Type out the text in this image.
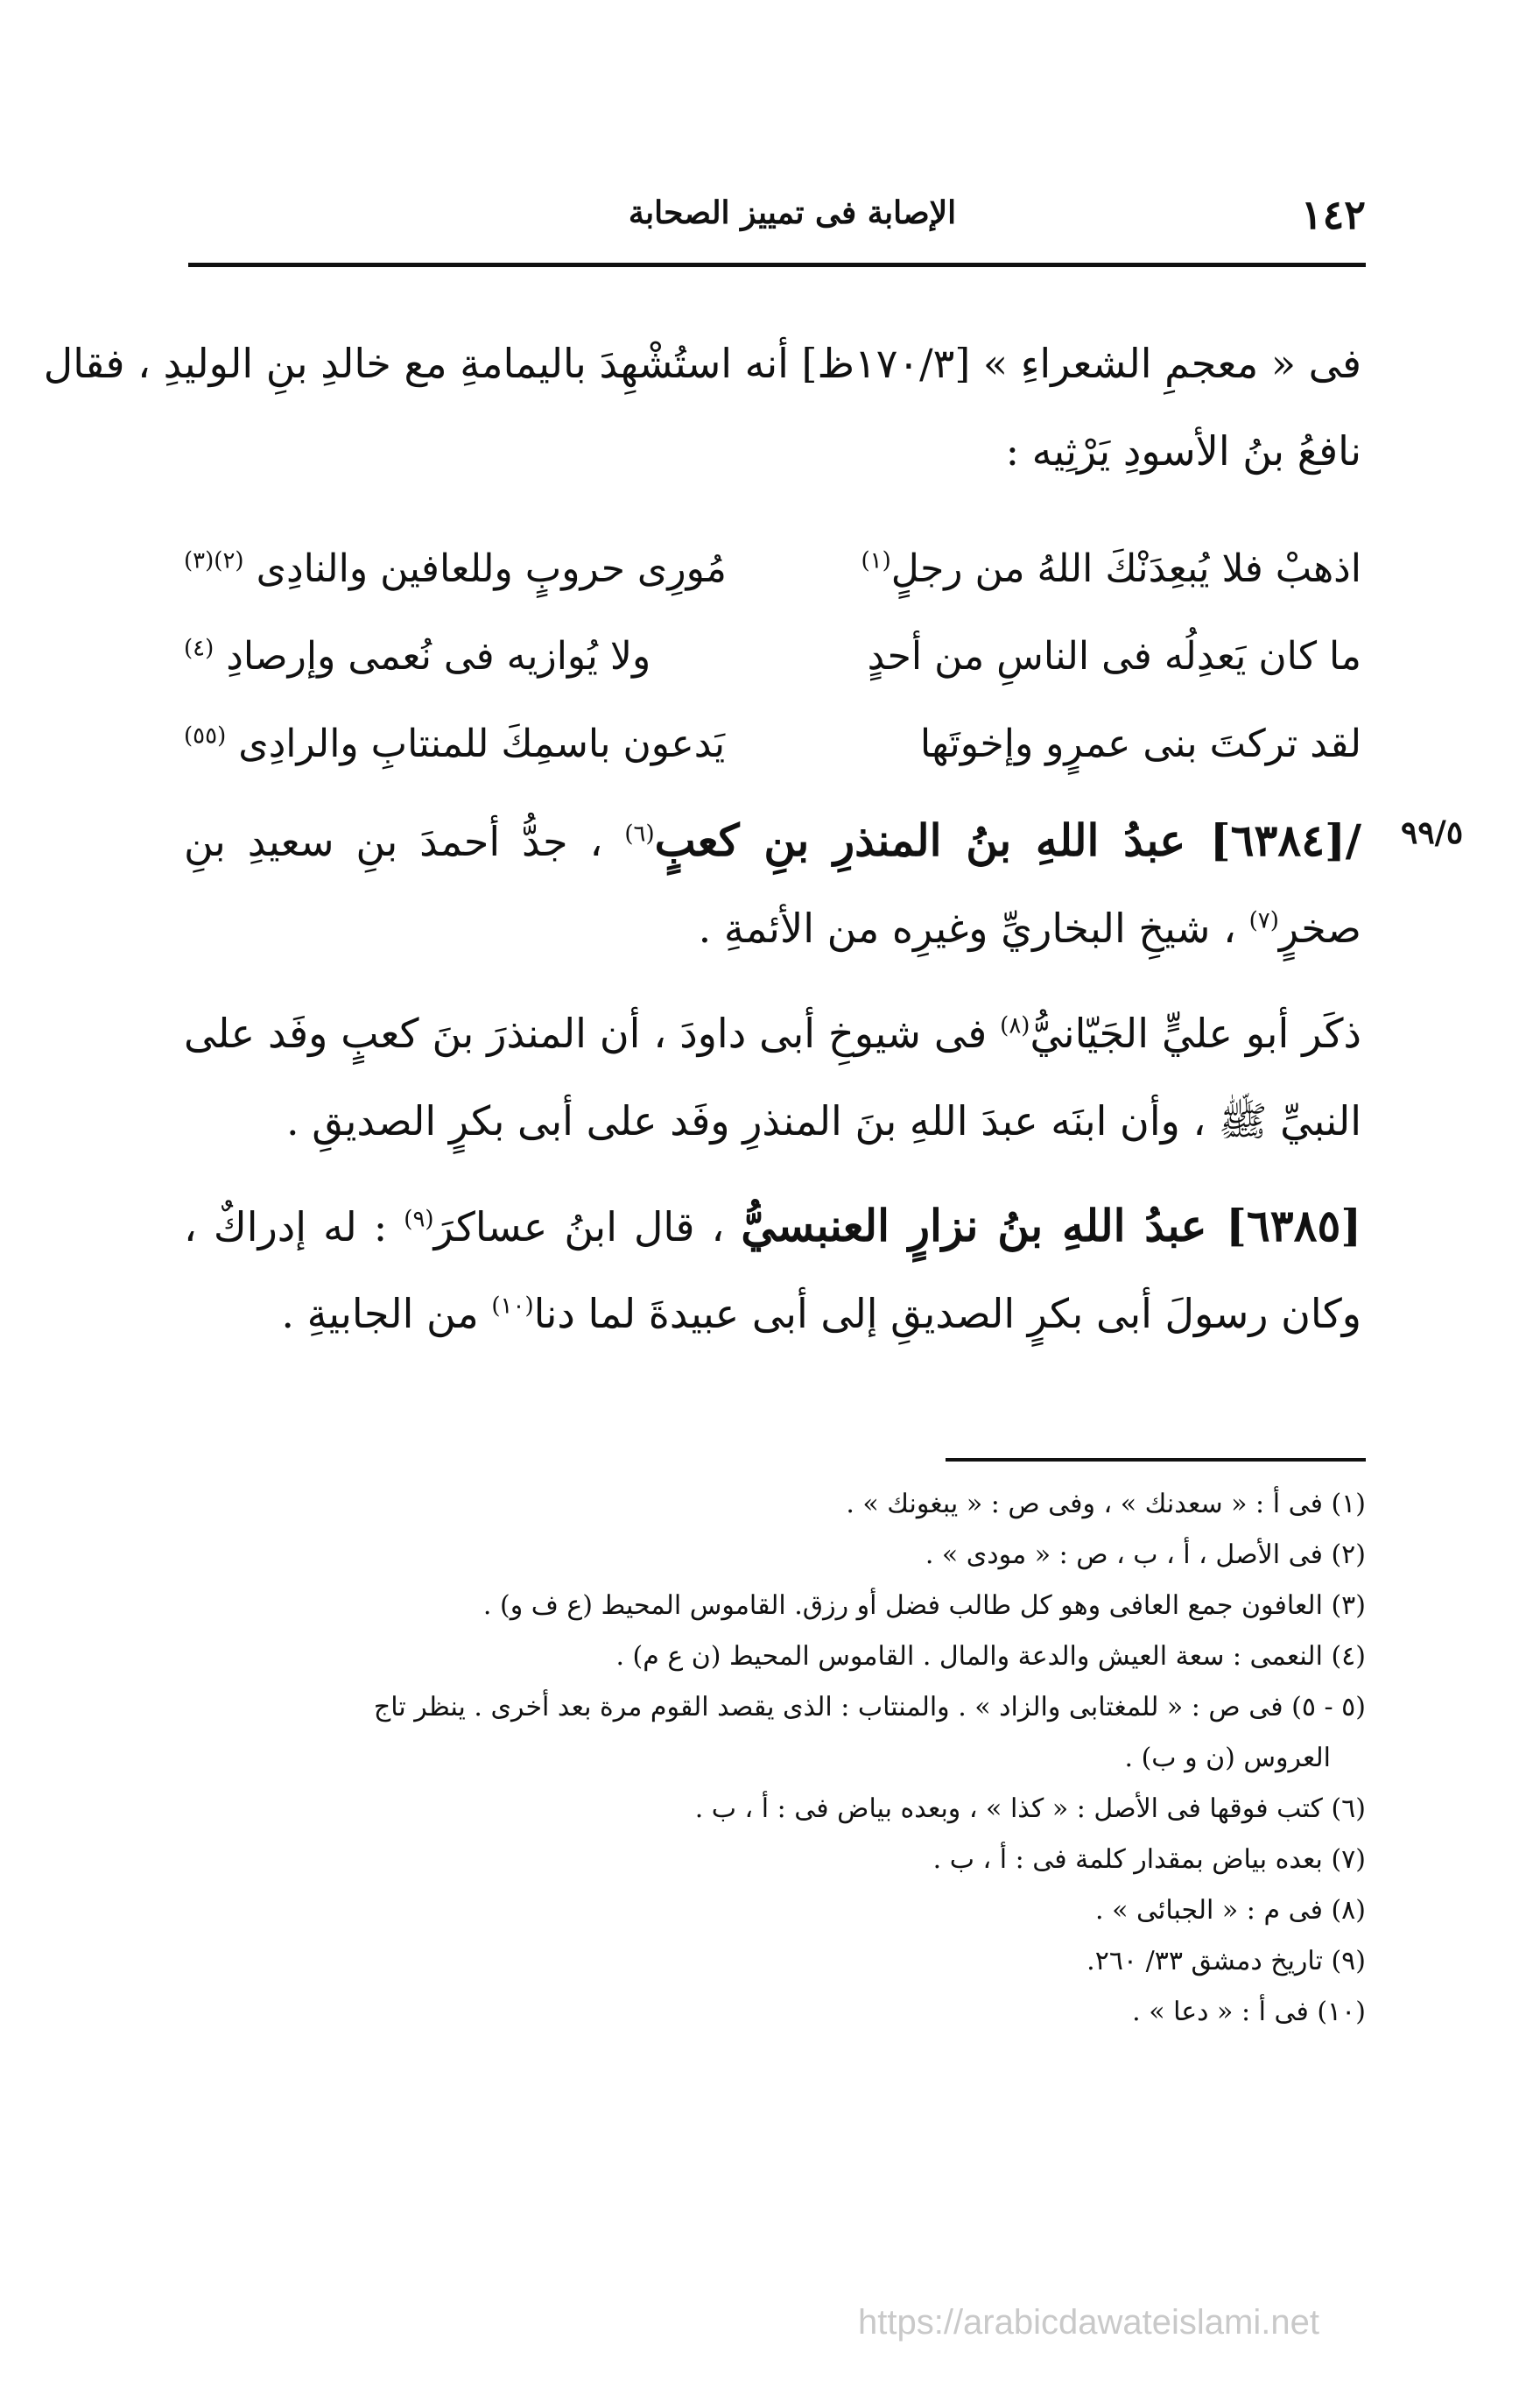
١٤٢
الإصابة فى تمييز الصحابة
٩٩/٥
فى « معجمِ الشعراءِ » [١٧٠/٣ظ] أنه استُشْهِدَ باليمامةِ مع خالدِ بنِ الوليدِ ، فقال
نافعُ بنُ الأسودِ يَرْثِيه :
اذهبْ فلا يُبعِدَنْكَ اللهُ من رجلٍ$^{(١)}$
مُورِى حروبٍ وللعافين والنادِى $^{(٢)(٣)}$
ما كان يَعدِلُه فى الناسِ من أحدٍ
ولا يُوازيه فى نُعمى وإرصادِ $^{(٤)}$
لقد تركتَ بنى عمرٍو وإخوتَها
يَدعون باسمِكَ للمنتابِ والرادِى $^{(٥٥)}$
/[٦٣٨٤] عبدُ اللهِ بنُ المنذرِ بنِ كعبٍ$^{(٦)}$ ، جدُّ أحمدَ بنِ سعيدِ بنِ
صخرٍ$^{(٧)}$ ، شيخِ البخاريِّ وغيرِه من الأئمةِ .
ذكَر أبو عليٍّ الجَيّانيُّ$^{(٨)}$ فى شيوخِ أبى داودَ ، أن المنذرَ بنَ كعبٍ وفَد على
النبيِّ ﷺ ، وأن ابنَه عبدَ اللهِ بنَ المنذرِ وفَد على أبى بكرٍ الصديقِ .
[٦٣٨٥] عبدُ اللهِ بنُ نزارٍ العنبسيُّ ، قال ابنُ عساكرَ$^{(٩)}$ : له إدراكٌ ،
وكان رسولَ أبى بكرٍ الصديقِ إلى أبى عبيدةَ لما دنا$^{(١٠)}$ من الجابيةِ .
(١) فى أ : « سعدنك » ، وفى ص : « يبغونك » .
(٢) فى الأصل ، أ ، ب ، ص : « مودى » .
(٣) العافون جمع العافى وهو كل طالب فضل أو رزق. القاموس المحيط (ع ف و) .
(٤) النعمى : سعة العيش والدعة والمال . القاموس المحيط (ن ع م) .
(٥ - ٥) فى ص : « للمغتابى والزاد » . والمنتاب : الذى يقصد القوم مرة بعد أخرى . ينظر تاج
العروس (ن و ب) .
(٦) كتب فوقها فى الأصل : « كذا » ، وبعده بياض فى : أ ، ب .
(٧) بعده بياض بمقدار كلمة فى : أ ، ب .
(٨) فى م : « الجبائى » .
(٩) تاريخ دمشق ٣٣/ ٢٦٠.
(١٠) فى أ : « دعا » .
https://arabicdawateislami.net
